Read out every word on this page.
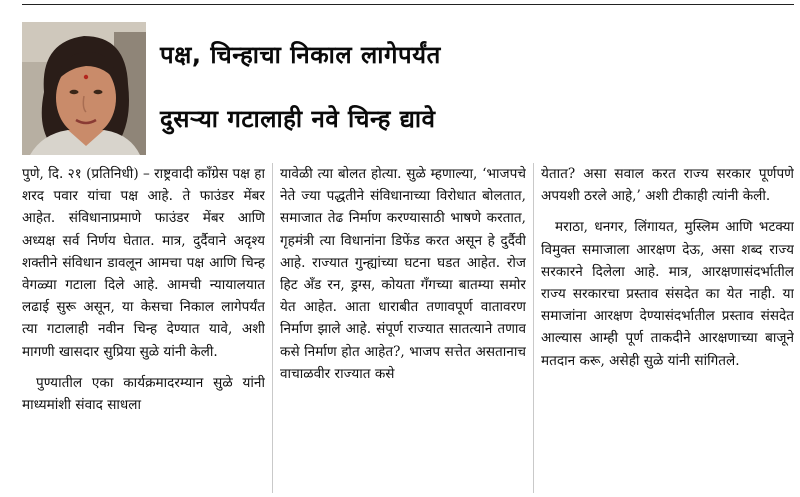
पक्ष, चिन्हाचा निकाल लागेपर्यंत
दुसऱ्या गटालाही नवे चिन्ह द्यावे

पुणे, दि. २१ (प्रतिनिधी) – राष्ट्रवादी काँग्रेस पक्ष हा शरद पवार यांचा पक्ष आहे. ते फाउंडर मेंबर आहेत. संविधानाप्रमाणे फाउंडर मेंबर आणि अध्यक्ष सर्व निर्णय घेतात. मात्र, दुर्दैवाने अदृश्य शक्तीने संविधान डावलून आमचा पक्ष आणि चिन्ह वेगळ्या गटाला दिले आहे. आमची न्यायालयात लढाई सुरू असून, या केसचा निकाल लागेपर्यंत त्या गटालाही नवीन चिन्ह देण्यात यावे, अशी मागणी खासदार सुप्रिया सुळे यांनी केली.

पुण्यातील एका कार्यक्रमादरम्यान सुळे यांनी माध्यमांशी संवाद साधला

यावेळी त्या बोलत होत्या. सुळे म्हणाल्या, ‘भाजपचे नेते ज्या पद्धतीने संविधानाच्या विरोधात बोलतात, समाजात तेढ निर्माण करण्यासाठी भाषणे करतात, गृहमंत्री त्या विधानांना डिफेंड करत असून हे दुर्दैवी आहे. राज्यात गुन्ह्यांच्या घटना घडत आहेत. रोज हिट अँड रन, ड्रग्स, कोयता गँगच्या बातम्या समोर येत आहेत. आता धाराबीत तणावपूर्ण वातावरण निर्माण झाले आहे. संपूर्ण राज्यात सातत्याने तणाव कसे निर्माण होत आहेत?, भाजप सत्तेत असतानाच वाचाळवीर राज्यात कसे

येतात? असा सवाल करत राज्य सरकार पूर्णपणे अपयशी ठरले आहे,’ अशी टीकाही त्यांनी केली.

मराठा, धनगर, लिंगायत, मुस्लिम आणि भटक्या विमुक्त समाजाला आरक्षण देऊ, असा शब्द राज्य सरकारने दिलेला आहे. मात्र, आरक्षणासंदर्भातील राज्य सरकारचा प्रस्ताव संसदेत का येत नाही. या समाजांना आरक्षण देण्यासंदर्भातील प्रस्ताव संसदेत आल्यास आम्ही पूर्ण ताकदीने आरक्षणाच्या बाजूने मतदान करू, असेही सुळे यांनी सांगितले.
